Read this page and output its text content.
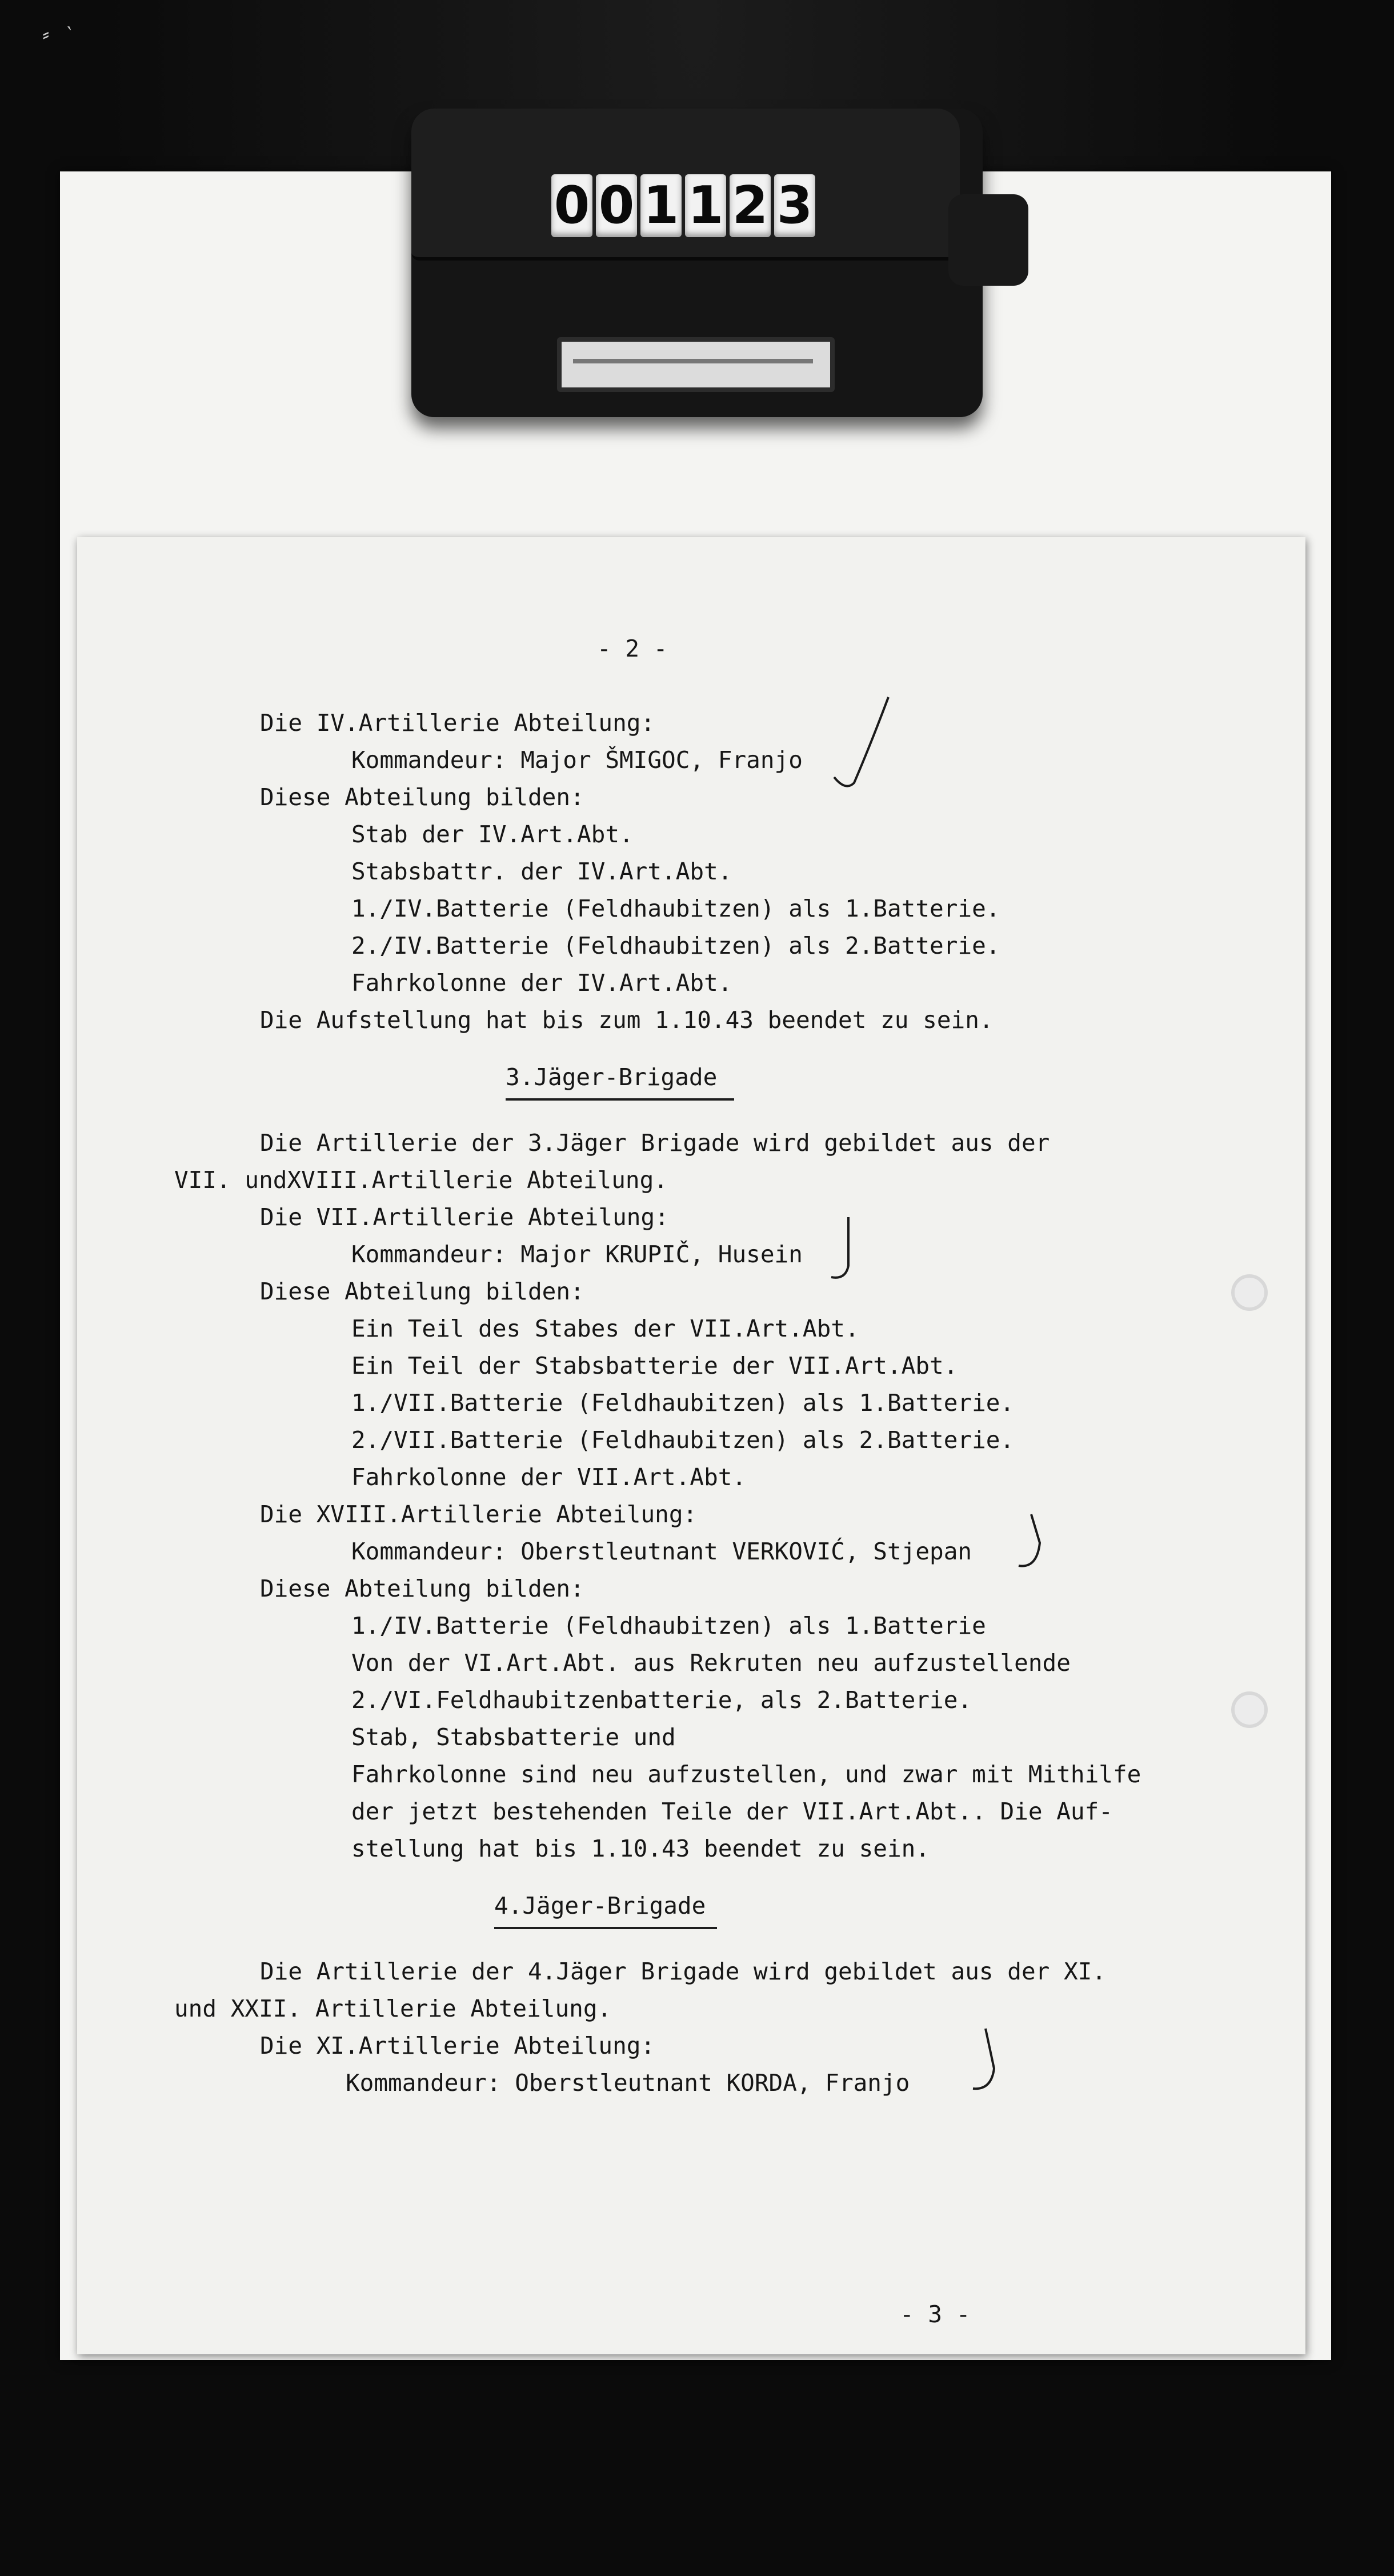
⸗ ‵
0 0 1 1 2 3
- 2 -
Die IV.Artillerie Abteilung:
Kommandeur: Major ŠMIGOC, Franjo
Diese Abteilung bilden:
Stab der IV.Art.Abt.
Stabsbattr. der IV.Art.Abt.
1./IV.Batterie (Feldhaubitzen) als 1.Batterie.
2./IV.Batterie (Feldhaubitzen) als 2.Batterie.
Fahrkolonne der IV.Art.Abt.
Die Aufstellung hat bis zum 1.10.43 beendet zu sein.
3.Jäger-Brigade
Die Artillerie der 3.Jäger Brigade wird gebildet aus der
VII. undXVIII.Artillerie Abteilung.
Die VII.Artillerie Abteilung:
Kommandeur: Major KRUPIČ, Husein
Diese Abteilung bilden:
Ein Teil des Stabes der VII.Art.Abt.
Ein Teil der Stabsbatterie der VII.Art.Abt.
1./VII.Batterie (Feldhaubitzen) als 1.Batterie.
2./VII.Batterie (Feldhaubitzen) als 2.Batterie.
Fahrkolonne der VII.Art.Abt.
Die XVIII.Artillerie Abteilung:
Kommandeur: Oberstleutnant VERKOVIĆ, Stjepan
Diese Abteilung bilden:
1./IV.Batterie (Feldhaubitzen) als 1.Batterie
Von der VI.Art.Abt. aus Rekruten neu aufzustellende
2./VI.Feldhaubitzenbatterie, als 2.Batterie.
Stab, Stabsbatterie und
Fahrkolonne sind neu aufzustellen, und zwar mit Mithilfe
der jetzt bestehenden Teile der VII.Art.Abt.. Die Auf-
stellung hat bis 1.10.43 beendet zu sein.
4.Jäger-Brigade
Die Artillerie der 4.Jäger Brigade wird gebildet aus der XI.
und XXII. Artillerie Abteilung.
Die XI.Artillerie Abteilung:
Kommandeur: Oberstleutnant KORDA, Franjo
- 3 -
